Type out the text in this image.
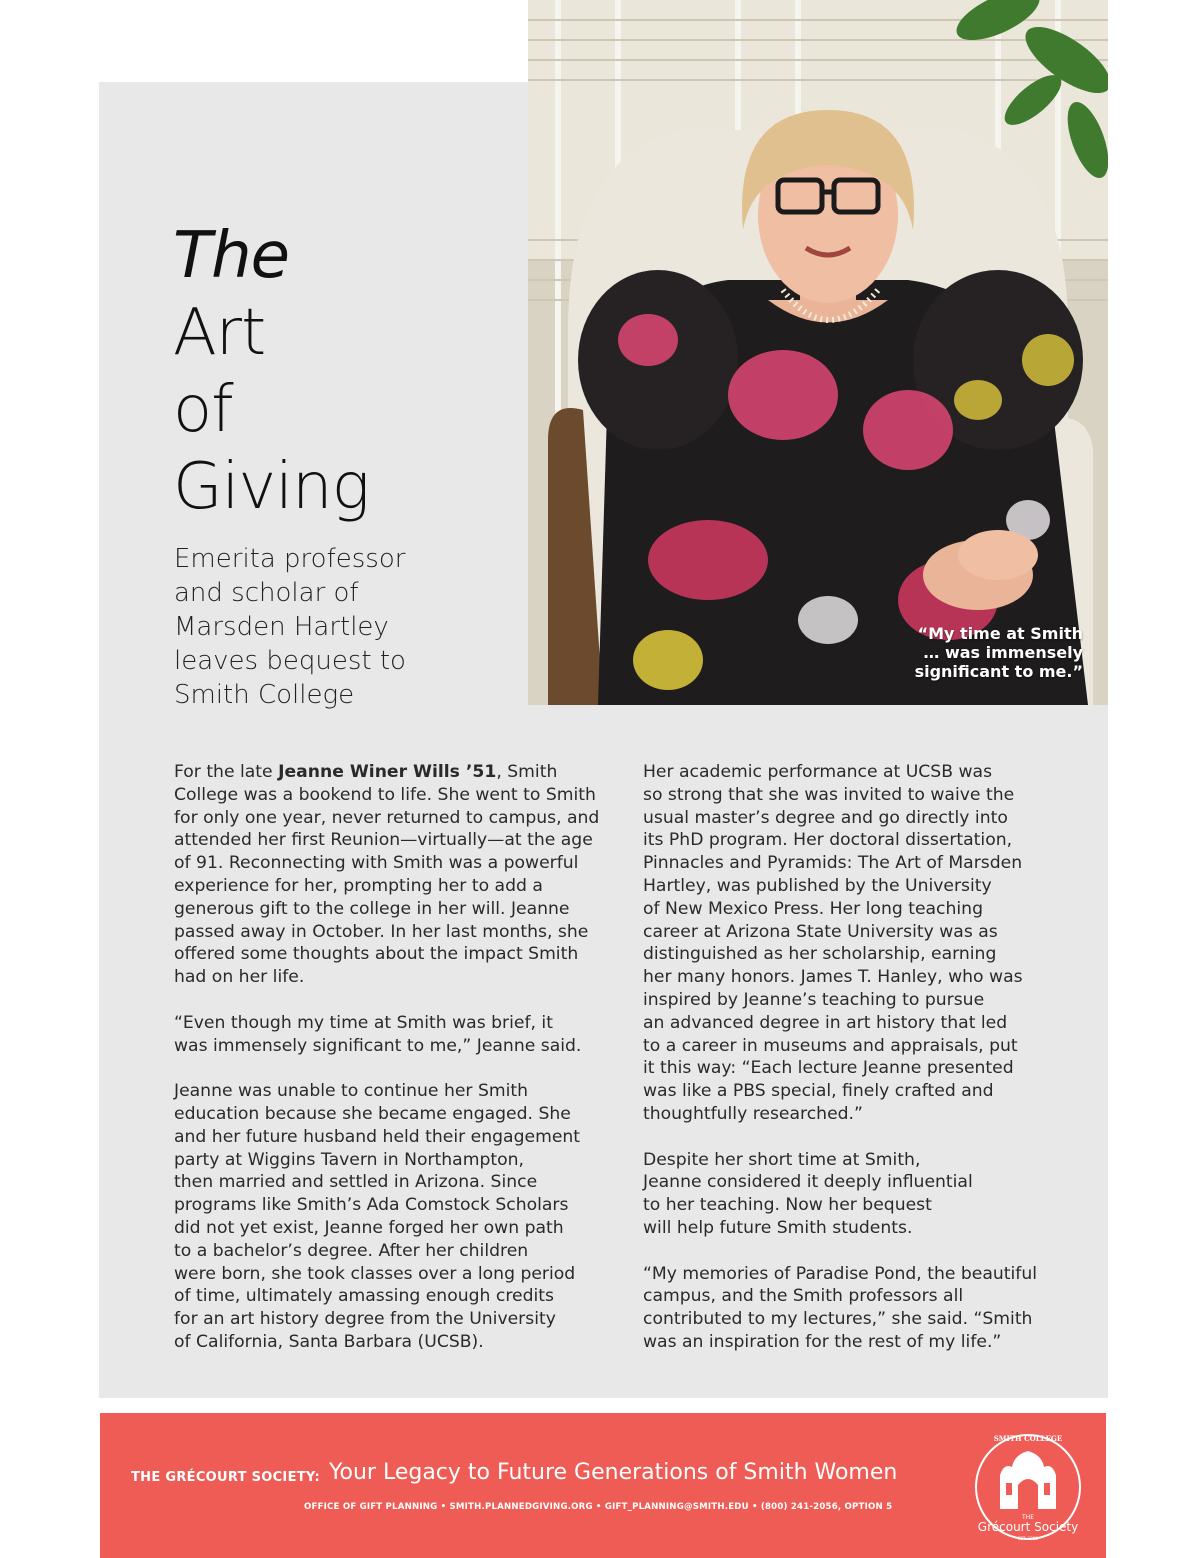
“My time at Smith
… was immensely
significant to me.”
The
Art
of
Giving
Emerita professor
and scholar of
Marsden Hartley
leaves bequest to
Smith College

For the late Jeanne Winer Wills ’51, Smith
College was a bookend to life. She went to Smith
for only one year, never returned to campus, and
attended her first Reunion—virtually—at the age
of 91. Reconnecting with Smith was a powerful
experience for her, prompting her to add a
generous gift to the college in her will. Jeanne
passed away in October. In her last months, she
offered some thoughts about the impact Smith
had on her life.

“Even though my time at Smith was brief, it
was immensely significant to me,” Jeanne said.

Jeanne was unable to continue her Smith
education because she became engaged. She
and her future husband held their engagement
party at Wiggins Tavern in Northampton,
then married and settled in Arizona. Since
programs like Smith’s Ada Comstock Scholars
did not yet exist, Jeanne forged her own path
to a bachelor’s degree. After her children
were born, she took classes over a long period
of time, ultimately amassing enough credits
for an art history degree from the University
of California, Santa Barbara (UCSB).

Her academic performance at UCSB was
so strong that she was invited to waive the
usual master’s degree and go directly into
its PhD program. Her doctoral dissertation,
Pinnacles and Pyramids: The Art of Marsden
Hartley, was published by the University
of New Mexico Press. Her long teaching
career at Arizona State University was as
distinguished as her scholarship, earning
her many honors. James T. Hanley, who was
inspired by Jeanne’s teaching to pursue
an advanced degree in art history that led
to a career in museums and appraisals, put
it this way: “Each lecture Jeanne presented
was like a PBS special, finely crafted and
thoughtfully researched.”

Despite her short time at Smith,
Jeanne considered it deeply influential
to her teaching. Now her bequest
will help future Smith students.

“My memories of Paradise Pond, the beautiful
campus, and the Smith professors all
contributed to my lectures,” she said. “Smith
was an inspiration for the rest of my life.”

THE GRÉCOURT SOCIETY: Your Legacy to Future Generations of Smith Women
OFFICE OF GIFT PLANNING • SMITH.PLANNEDGIVING.ORG • GIFT_PLANNING@SMITH.EDU • (800) 241-2056, OPTION 5
SMITH COLLEGE
THE
Grécourt Society
EST. 1985
